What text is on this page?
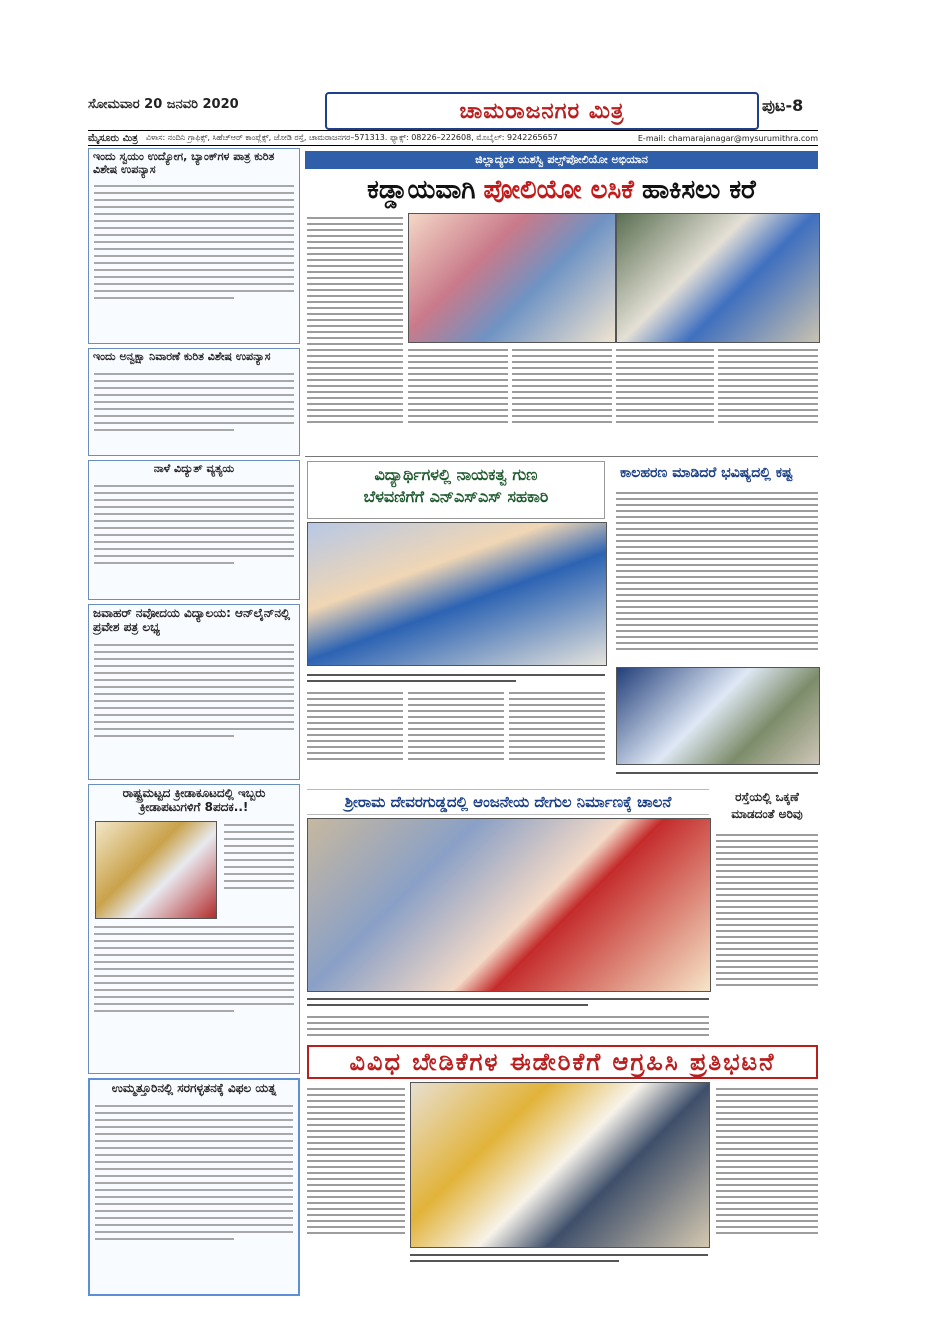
ಸೋಮವಾರ 20 ಜನವರಿ 2020	ಚಾಮರಾಜನಗರ ಮಿತ್ರ	ಪುಟ-8
ಮೈಸೂರು ಮಿತ್ರ ವಿಳಾಸ: ನಂದಿನಿ ಗ್ರಾಫಿಕ್ಸ್, ಸಿಹೆಚ್‌ಆರ್ ಕಾಂಪ್ಲೆಕ್ಸ್, ಜೋಡಿ ರಸ್ತೆ, ಚಾಮರಾಜನಗರ–571313. ಫ್ಯಾಕ್ಸ್: 08226–222608, ಮೊಬೈಲ್: 9242265657	E-mail: chamarajanagar@mysurumithra.com
ಇಂದು ಸ್ವಯಂ ಉದ್ಯೋಗ, ಬ್ಯಾಂಕ್‌ಗಳ ಪಾತ್ರ ಕುರಿತ ವಿಶೇಷ ಉಪನ್ಯಾಸ
ಇಂದು ಅನ್ವಕ್ಷಾ ನಿವಾರಣೆ ಕುರಿತ ವಿಶೇಷ ಉಪನ್ಯಾಸ
ನಾಳೆ ವಿದ್ಯುತ್ ವ್ಯತ್ಯಯ
ಜವಾಹರ್ ನವೋದಯ ವಿದ್ಯಾಲಯ: ಆನ್‌ಲೈನ್‌ನಲ್ಲಿ ಪ್ರವೇಶ ಪತ್ರ ಲಭ್ಯ
ರಾಷ್ಟ್ರಮಟ್ಟದ ಕ್ರೀಡಾಕೂಟದಲ್ಲಿ ಇಬ್ಬರು ಕ್ರೀಡಾಪಟುಗಳಿಗೆ 8ಪದಕ..!
ಉಮ್ಮತ್ತೂರಿನಲ್ಲಿ ಸರಗಳ್ಳತನಕ್ಕೆ ವಿಫಲ ಯತ್ನ
ಜಿಲ್ಲಾದ್ಯಂತ ಯಶಸ್ವಿ ಪಲ್ಸ್‌ಪೋಲಿಯೋ ಅಭಿಯಾನ
ಕಡ್ಡಾಯವಾಗಿ ಪೋಲಿಯೋ ಲಸಿಕೆ ಹಾಕಿಸಲು ಕರೆ
ವಿದ್ಯಾರ್ಥಿಗಳಲ್ಲಿ ನಾಯಕತ್ವ ಗುಣ
ಬೆಳವಣಿಗೆಗೆ ಎನ್‌ಎಸ್‌ಎಸ್ ಸಹಕಾರಿ
ಕಾಲಹರಣ ಮಾಡಿದರೆ ಭವಿಷ್ಯದಲ್ಲಿ ಕಷ್ಟ
ಶ್ರೀರಾಮ ದೇವರಗುಡ್ಡದಲ್ಲಿ ಆಂಜನೇಯ ದೇಗುಲ ನಿರ್ಮಾಣಕ್ಕೆ ಚಾಲನೆ	ರಸ್ತೆಯಲ್ಲಿ ಒಕ್ಕಣೆ ಮಾಡದಂತೆ ಅರಿವು
ವಿವಿಧ ಬೇಡಿಕೆಗಳ ಈಡೇರಿಕೆಗೆ ಆಗ್ರಹಿಸಿ ಪ್ರತಿಭಟನೆ
